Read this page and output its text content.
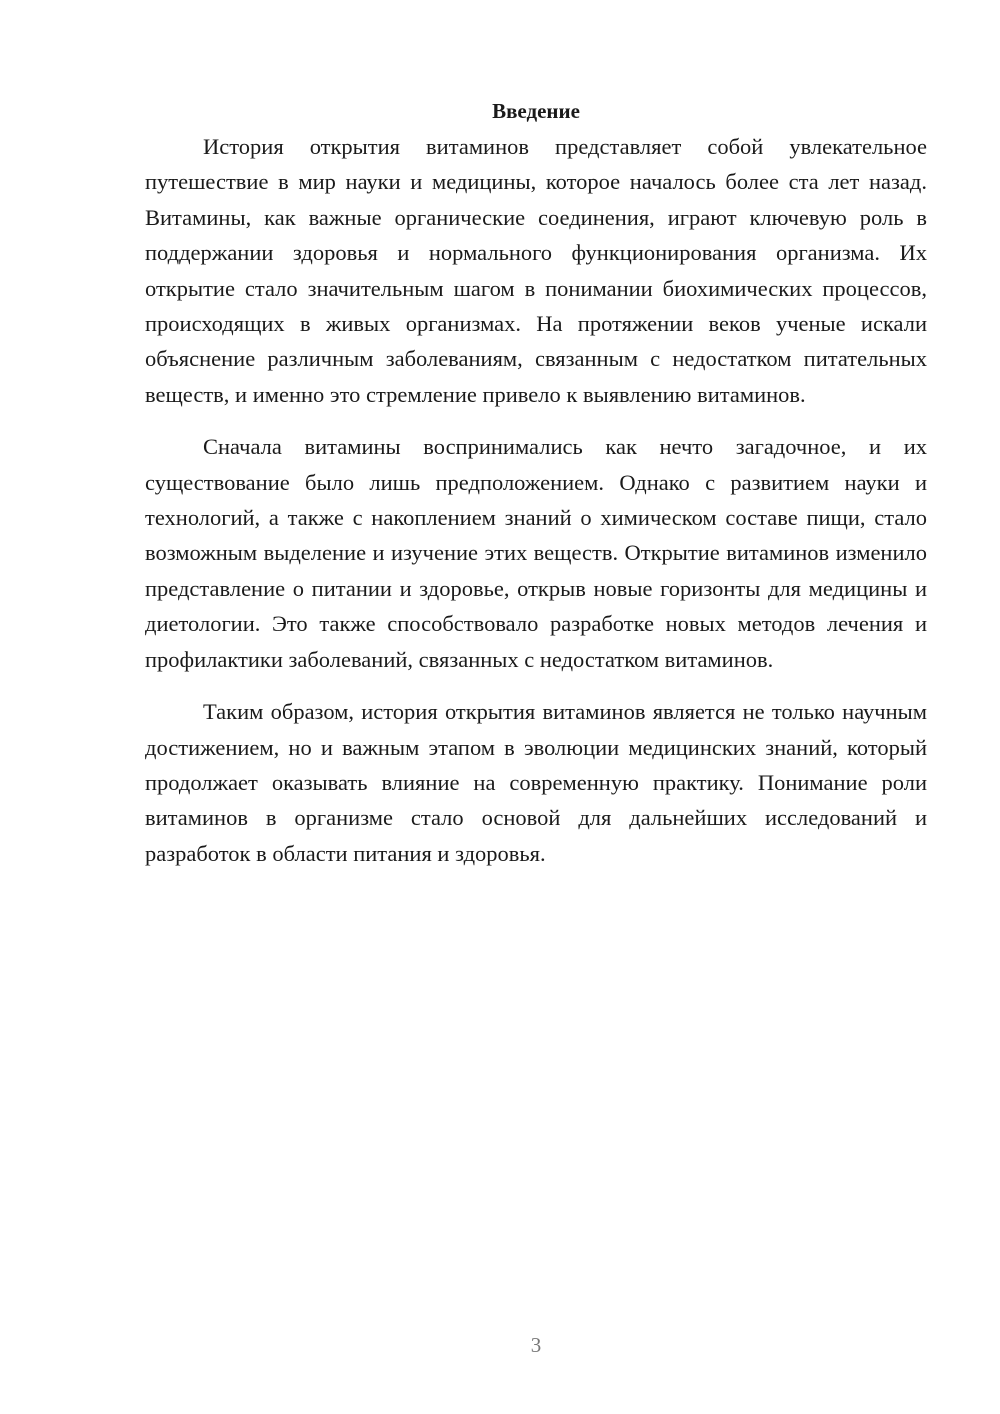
Введение

История открытия витаминов представляет собой увлекательное путешествие в мир науки и медицины, которое началось более ста лет назад. Витамины, как важные органические соединения, играют ключевую роль в поддержании здоровья и нормального функционирования организма. Их открытие стало значительным шагом в понимании биохимических процессов, происходящих в живых организмах. На протяжении веков ученые искали объяснение различным заболеваниям, связанным с недостатком питательных веществ, и именно это стремление привело к выявлению витаминов.

Сначала витамины воспринимались как нечто загадочное, и их существование было лишь предположением. Однако с развитием науки и технологий, а также с накоплением знаний о химическом составе пищи, стало возможным выделение и изучение этих веществ. Открытие витаминов изменило представление о питании и здоровье, открыв новые горизонты для медицины и диетологии. Это также способствовало разработке новых методов лечения и профилактики заболеваний, связанных с недостатком витаминов.

Таким образом, история открытия витаминов является не только научным достижением, но и важным этапом в эволюции медицинских знаний, который продолжает оказывать влияние на современную практику. Понимание роли витаминов в организме стало основой для дальнейших исследований и разработок в области питания и здоровья.

3
